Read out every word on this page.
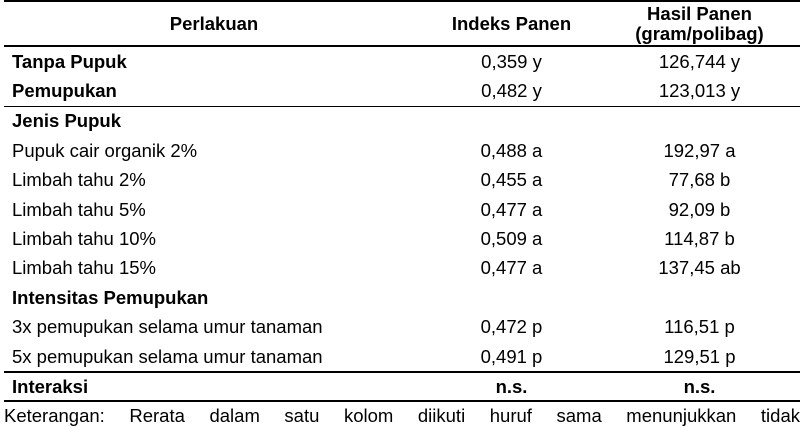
Perlakuan	Indeks Panen	Hasil Panen
(gram/polibag)
Tanpa Pupuk	0,359 y	126,744 y
Pemupukan	0,482 y	123,013 y
Jenis Pupuk		
Pupuk cair organik 2%	0,488 a	192,97 a
Limbah tahu 2%	0,455 a	77,68 b
Limbah tahu 5%	0,477 a	92,09 b
Limbah tahu 10%	0,509 a	114,87 b
Limbah tahu 15%	0,477 a	137,45 ab
Intensitas Pemupukan		
3x pemupukan selama umur tanaman	0,472 p	116,51 p
5x pemupukan selama umur tanaman	0,491 p	129,51 p
Interaksi	n.s.	n.s.
Keterangan: Rerata dalam satu kolom diikuti huruf sama menunjukkan tidak
